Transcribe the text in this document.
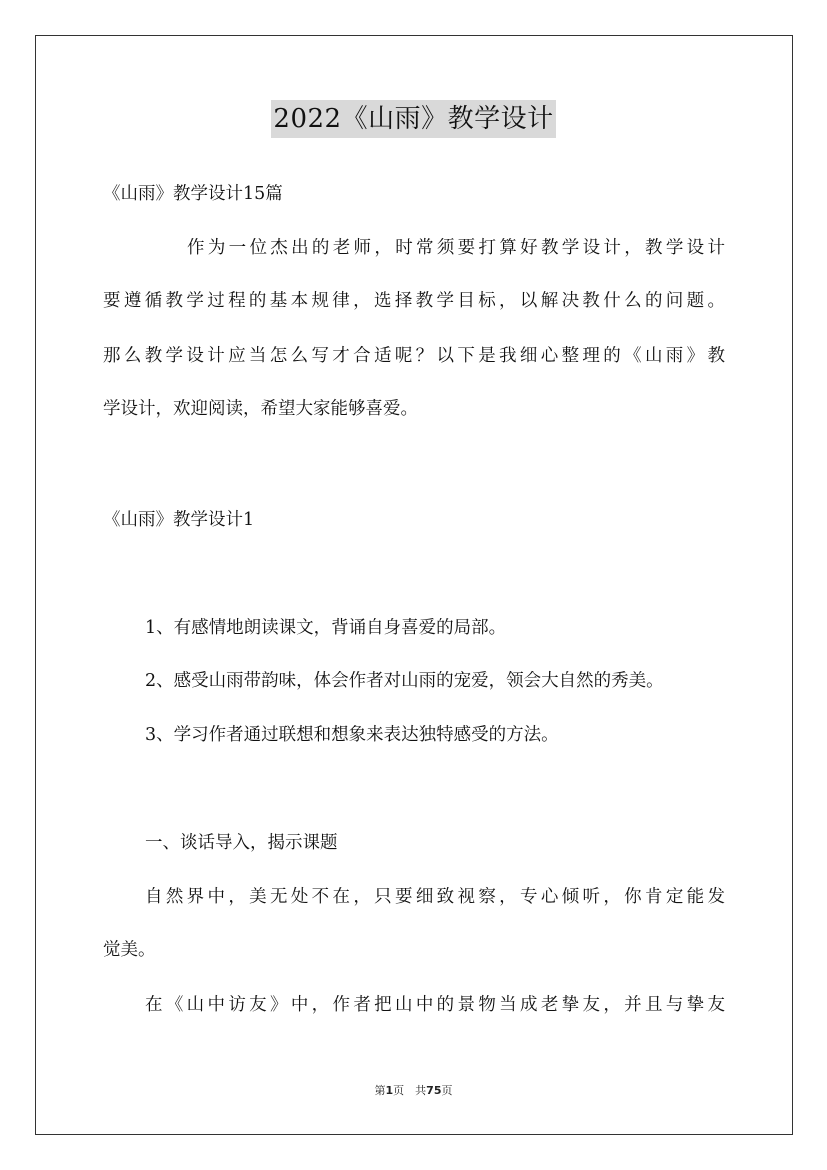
2022《山雨》教学设计
《山雨》教学设计15篇
作为一位杰出的老师，时常须要打算好教学设计，教学设计
要遵循教学过程的基本规律，选择教学目标，以解决教什么的问题。
那么教学设计应当怎么写才合适呢？以下是我细心整理的《山雨》教
学设计，欢迎阅读，希望大家能够喜爱。
《山雨》教学设计1
1、有感情地朗读课文，背诵自身喜爱的局部。
2、感受山雨带韵味，体会作者对山雨的宠爱，领会大自然的秀美。
3、学习作者通过联想和想象来表达独特感受的方法。
一、谈话导入，揭示课题
自然界中，美无处不在，只要细致视察，专心倾听，你肯定能发
觉美。
在《山中访友》中，作者把山中的景物当成老挚友，并且与挚友
第1页　共75页
